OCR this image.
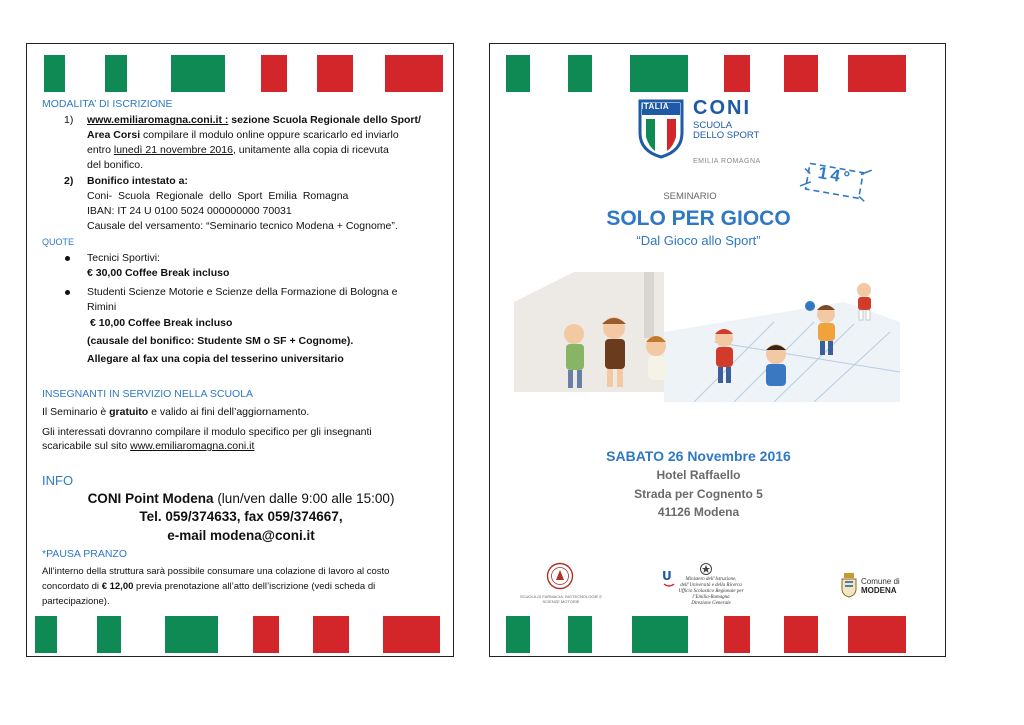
MODALITA’ DI ISCRIZIONE
1) www.emiliaromagna.coni.it : sezione Scuola Regionale dello Sport/
Area Corsi compilare il modulo online oppure scaricarlo ed inviarlo
entro lunedì 21 novembre 2016, unitamente alla copia di ricevuta
del bonifico.
2) Bonifico intestato a:
Coni- Scuola Regionale dello Sport Emilia Romagna
IBAN: IT 24 U 0100 5024 000000000 70031
Causale del versamento: “Seminario tecnico Modena + Cognome”.
QUOTE
Tecnici Sportivi:
€ 30,00 Coffee Break incluso
Studenti Scienze Motorie e Scienze della Formazione di Bologna e
Rimini
€ 10,00 Coffee Break incluso
(causale del bonifico: Studente SM o SF + Cognome).
Allegare al fax una copia del tesserino universitario
INSEGNANTI IN SERVIZIO NELLA SCUOLA
Il Seminario è gratuito e valido ai fini dell’aggiornamento.
Gli interessati dovranno compilare il modulo specifico per gli insegnanti
scaricabile sul sito www.emiliaromagna.coni.it
INFO
CONI Point Modena (lun/ven dalle 9:00 alle 15:00)
Tel. 059/374633, fax 059/374667,
e-mail modena@coni.it
*PAUSA PRANZO
All’interno della struttura sarà possibile consumare una colazione di lavoro al costo
concordato di € 12,00 previa prenotazione all’atto dell’iscrizione (vedi scheda di
partecipazione).
ITALIA CONI
SCUOLA
DELLO SPORT
EMILIA ROMAGNA
14°
SEMINARIO
SOLO PER GIOCO
“Dal Gioco allo Sport”
SABATO 26 Novembre 2016
Hotel Raffaello
Strada per Cognento 5
41126 Modena
SCUOLA DI FARMACIA, BIOTECNOLOGIE E SCIENZE MOTORIE
U	Ministero dell’Istruzione,
dell’Università e della Ricerca
Ufficio Scolastico Regionale per l’Emilia-Romagna
Direzione Generale
Comune di
MODENA
